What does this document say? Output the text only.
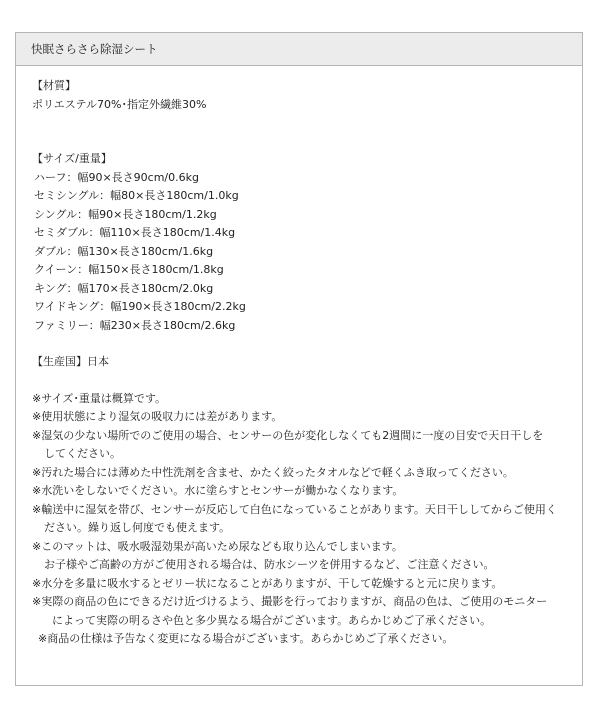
快眠さらさら除湿シート

【材質】

ポリエステル70%･指定外繊維30%

【サイズ/重量】

ハーフ：幅90×長さ90cm/0.6kg

セミシングル：幅80×長さ180cm/1.0kg

シングル：幅90×長さ180cm/1.2kg

セミダブル：幅110×長さ180cm/1.4kg

ダブル：幅130×長さ180cm/1.6kg

クイーン：幅150×長さ180cm/1.8kg

キング：幅170×長さ180cm/2.0kg

ワイドキング：幅190×長さ180cm/2.2kg

ファミリー：幅230×長さ180cm/2.6kg

【生産国】日本

※サイズ･重量は概算です。

※使用状態により湿気の吸収力には差があります。

※湿気の少ない場所でのご使用の場合、センサーの色が変化しなくても2週間に一度の目安で天日干しを

してください。

※汚れた場合には薄めた中性洗剤を含ませ、かたく絞ったタオルなどで軽くふき取ってください。

※水洗いをしないでください。水に塗らすとセンサーが働かなくなります。

※輸送中に湿気を帯び、センサーが反応して白色になっていることがあります。天日干ししてからご使用く

ださい。繰り返し何度でも使えます。

※このマットは、吸水吸湿効果が高いため尿なども取り込んでしまいます。

お子様やご高齢の方がご使用される場合は、防水シーツを併用するなど、ご注意ください。

※水分を多量に吸水するとゼリー状になることがありますが、干して乾燥すると元に戻ります。

※実際の商品の色にできるだけ近づけるよう、撮影を行っておりますが、商品の色は、ご使用のモニター

によって実際の明るさや色と多少異なる場合がございます。あらかじめご了承ください。

※商品の仕様は予告なく変更になる場合がございます。あらかじめご了承ください。
